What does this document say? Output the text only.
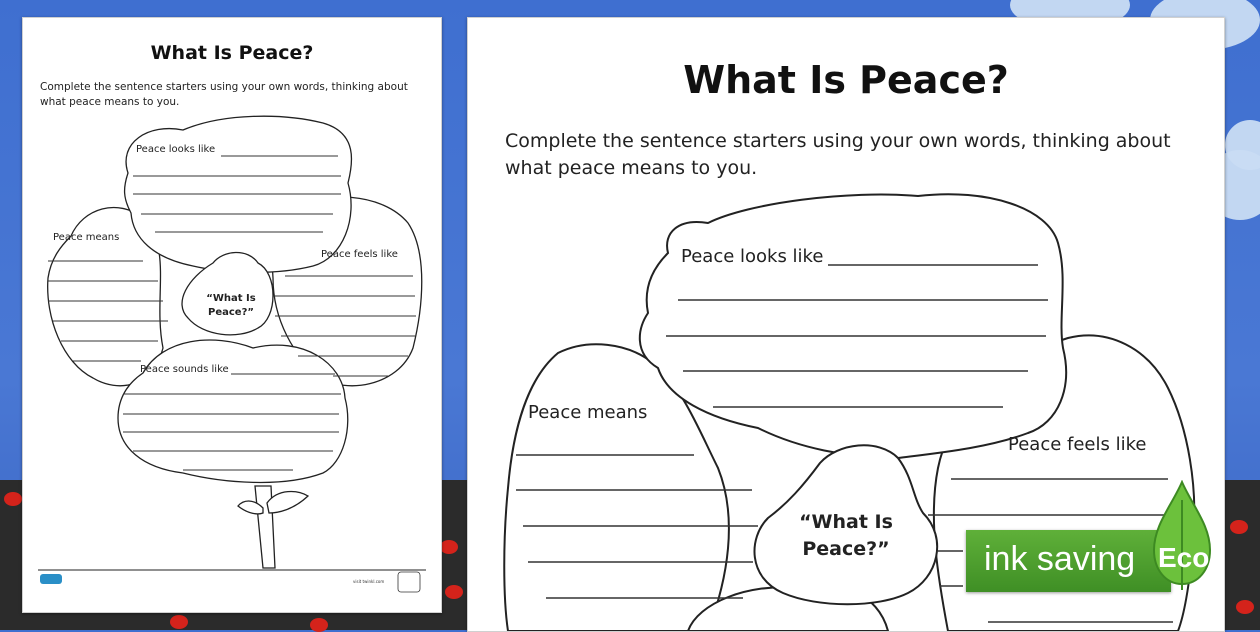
What Is Peace?
Complete the sentence starters using your own words, thinking about what peace means to you.
Peace looks like
Peace means
Peace feels like
Peace sounds like
“What Is
Peace?”
visit twinkl.com
What Is Peace?
Complete the sentence starters using your own words, thinking about what peace means to you.
Peace looks like
Peace means
Peace feels like
“What Is
Peace?”	ink saving Eco
